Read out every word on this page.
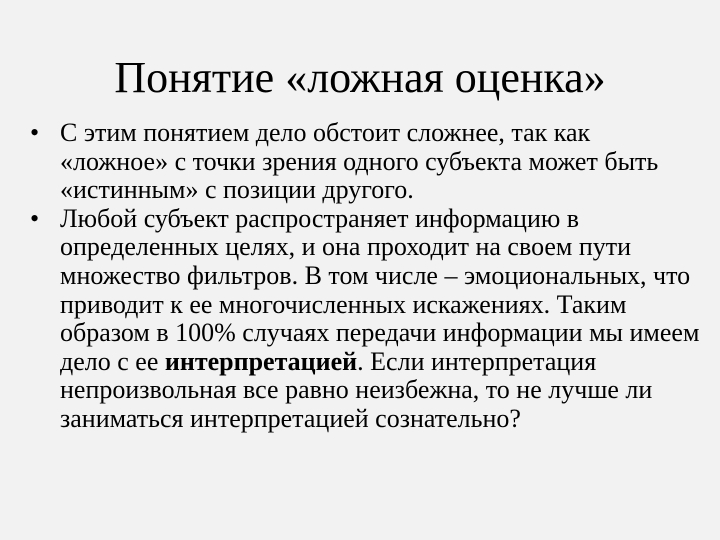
Понятие «ложная оценка»
• С этим понятием дело обстоит сложнее, так как «ложное» с точки зрения одного субъекта может быть «истинным» с позиции другого.
• Любой субъект распространяет информацию в определенных целях, и она проходит на своем пути множество фильтров. В том числе – эмоциональных, что приводит к ее многочисленных искажениях. Таким образом в 100% случаях передачи информации мы имеем дело с ее интерпретацией. Если интерпретация непроизвольная все равно неизбежна, то не лучше ли заниматься интерпретацией сознательно?
